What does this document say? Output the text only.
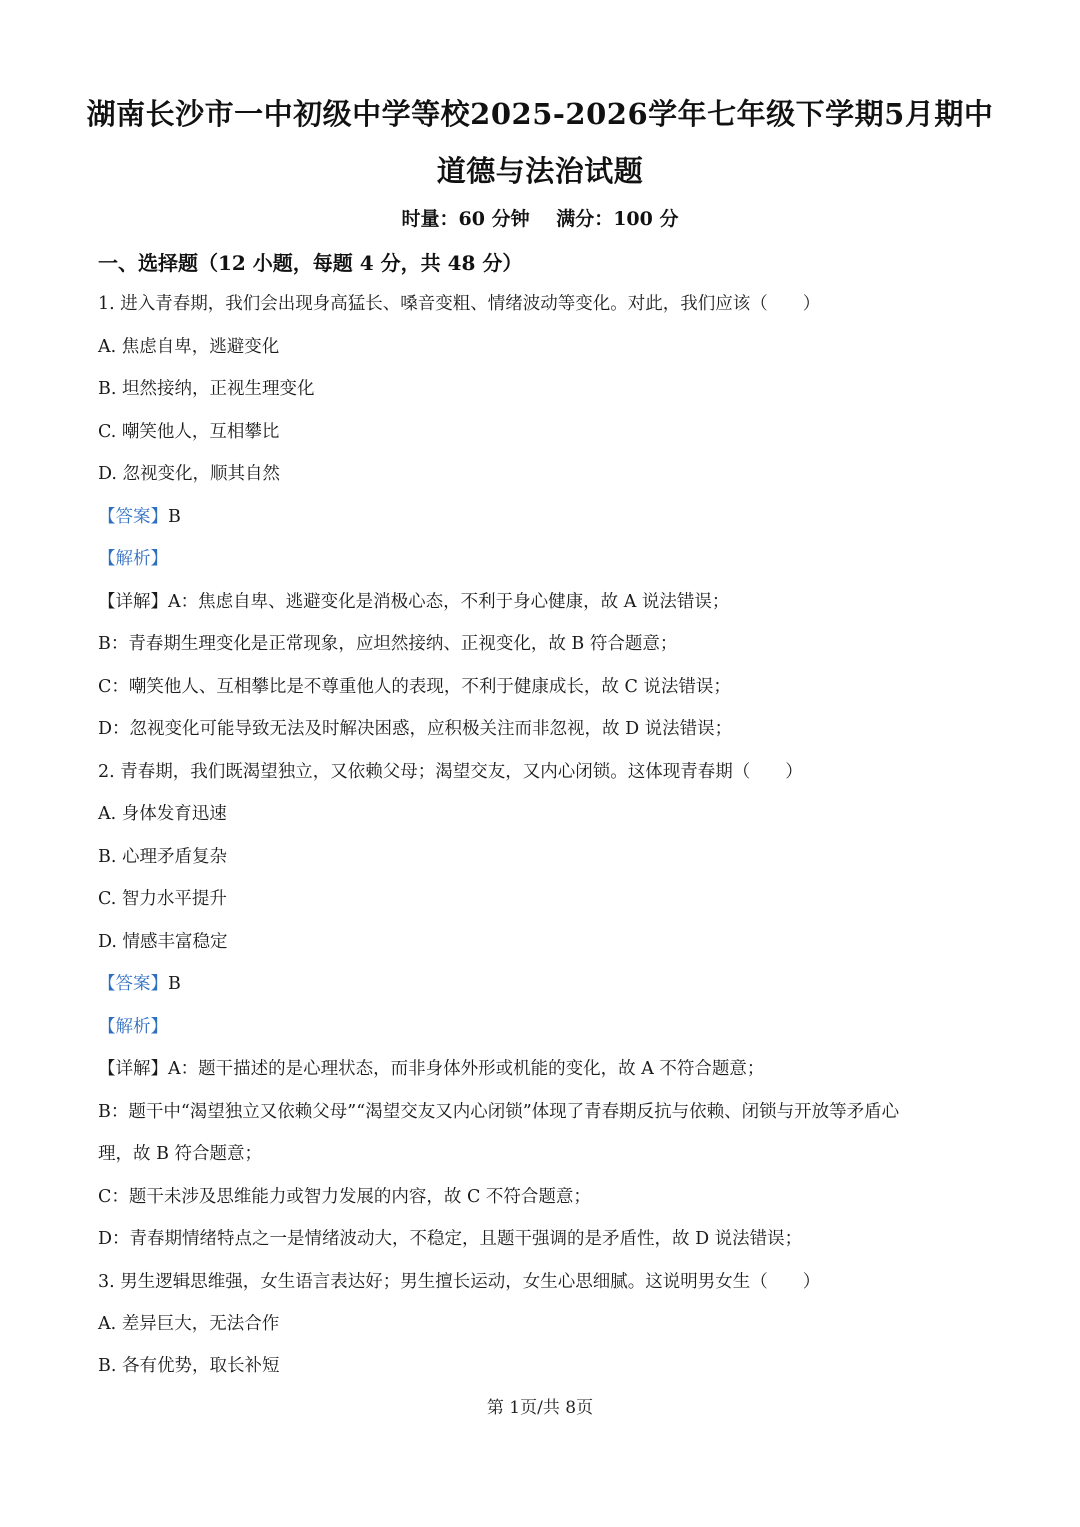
湖南长沙市一中初级中学等校2025-2026学年七年级下学期5月期中
道德与法治试题
时量：60 分钟 满分：100 分
一、选择题（12 小题，每题 4 分，共 48 分）
1. 进入青春期，我们会出现身高猛长、嗓音变粗、情绪波动等变化。对此，我们应该（　　）
A. 焦虑自卑，逃避变化
B. 坦然接纳，正视生理变化
C. 嘲笑他人，互相攀比
D. 忽视变化，顺其自然
【答案】B
【解析】
【详解】A：焦虑自卑、逃避变化是消极心态，不利于身心健康，故 A 说法错误；
B：青春期生理变化是正常现象，应坦然接纳、正视变化，故 B 符合题意；
C：嘲笑他人、互相攀比是不尊重他人的表现，不利于健康成长，故 C 说法错误；
D：忽视变化可能导致无法及时解决困惑，应积极关注而非忽视，故 D 说法错误；
2. 青春期，我们既渴望独立，又依赖父母；渴望交友，又内心闭锁。这体现青春期（　　）
A. 身体发育迅速
B. 心理矛盾复杂
C. 智力水平提升
D. 情感丰富稳定
【答案】B
【解析】
【详解】A：题干描述的是心理状态，而非身体外形或机能的变化，故 A 不符合题意；
B：题干中“渴望独立又依赖父母”“渴望交友又内心闭锁”体现了青春期反抗与依赖、闭锁与开放等矛盾心
理，故 B 符合题意；
C：题干未涉及思维能力或智力发展的内容，故 C 不符合题意；
D：青春期情绪特点之一是情绪波动大，不稳定，且题干强调的是矛盾性，故 D 说法错误；
3. 男生逻辑思维强，女生语言表达好；男生擅长运动，女生心思细腻。这说明男女生（　　）
A. 差异巨大，无法合作
B. 各有优势，取长补短
第 1页/共 8页
